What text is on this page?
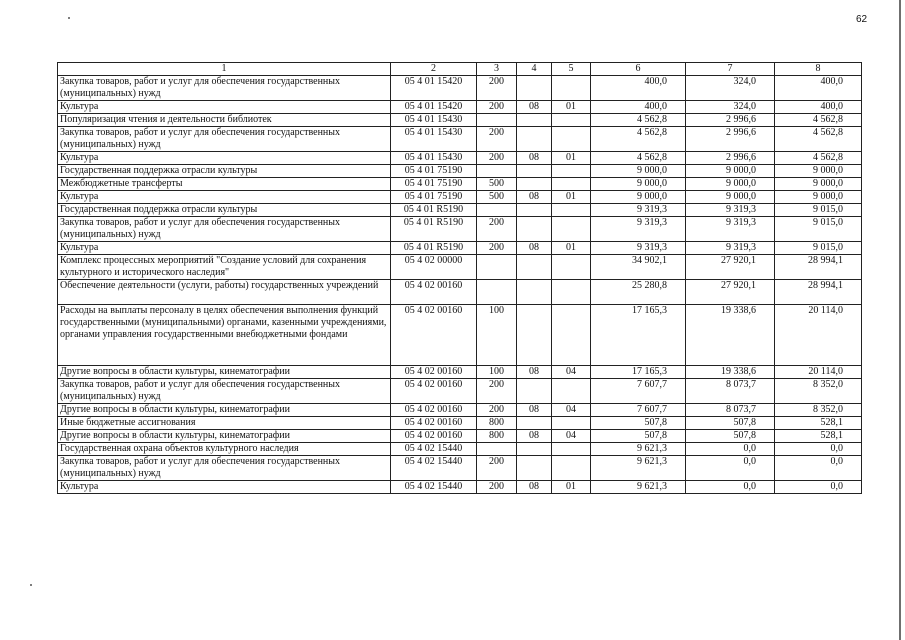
62
1	2	3	4	5	6	7	8
Закупка товаров, работ и услуг для обеспечения государственных (муниципальных) нужд	05 4 01 15420	200			400,0	324,0	400,0
Культура	05 4 01 15420	200	08	01	400,0	324,0	400,0
Популяризация чтения и деятельности библиотек	05 4 01 15430				4 562,8	2 996,6	4 562,8
Закупка товаров, работ и услуг для обеспечения государственных (муниципальных) нужд	05 4 01 15430	200			4 562,8	2 996,6	4 562,8
Культура	05 4 01 15430	200	08	01	4 562,8	2 996,6	4 562,8
Государственная поддержка отрасли культуры	05 4 01 75190				9 000,0	9 000,0	9 000,0
Межбюджетные трансферты	05 4 01 75190	500			9 000,0	9 000,0	9 000,0
Культура	05 4 01 75190	500	08	01	9 000,0	9 000,0	9 000,0
Государственная поддержка отрасли культуры	05 4 01 R5190				9 319,3	9 319,3	9 015,0
Закупка товаров, работ и услуг для обеспечения государственных (муниципальных) нужд	05 4 01 R5190	200			9 319,3	9 319,3	9 015,0
Культура	05 4 01 R5190	200	08	01	9 319,3	9 319,3	9 015,0
Комплекс процессных мероприятий "Создание условий для сохранения культурного и исторического наследия"	05 4 02 00000				34 902,1	27 920,1	28 994,1
Обеспечение деятельности (услуги, работы) государственных учреждений	05 4 02 00160				25 280,8	27 920,1	28 994,1
Расходы на выплаты персоналу в целях обеспечения выполнения функций государственными (муниципальными) органами, казенными учреждениями, органами управления государственными внебюджетными фондами	05 4 02 00160	100			17 165,3	19 338,6	20 114,0
Другие вопросы в области культуры, кинематографии	05 4 02 00160	100	08	04	17 165,3	19 338,6	20 114,0
Закупка товаров, работ и услуг для обеспечения государственных (муниципальных) нужд	05 4 02 00160	200			7 607,7	8 073,7	8 352,0
Другие вопросы в области культуры, кинематографии	05 4 02 00160	200	08	04	7 607,7	8 073,7	8 352,0
Иные бюджетные ассигнования	05 4 02 00160	800			507,8	507,8	528,1
Другие вопросы в области культуры, кинематографии	05 4 02 00160	800	08	04	507,8	507,8	528,1
Государственная охрана объектов культурного наследия	05 4 02 15440				9 621,3	0,0	0,0
Закупка товаров, работ и услуг для обеспечения государственных (муниципальных) нужд	05 4 02 15440	200			9 621,3	0,0	0,0
Культура	05 4 02 15440	200	08	01	9 621,3	0,0	0,0
